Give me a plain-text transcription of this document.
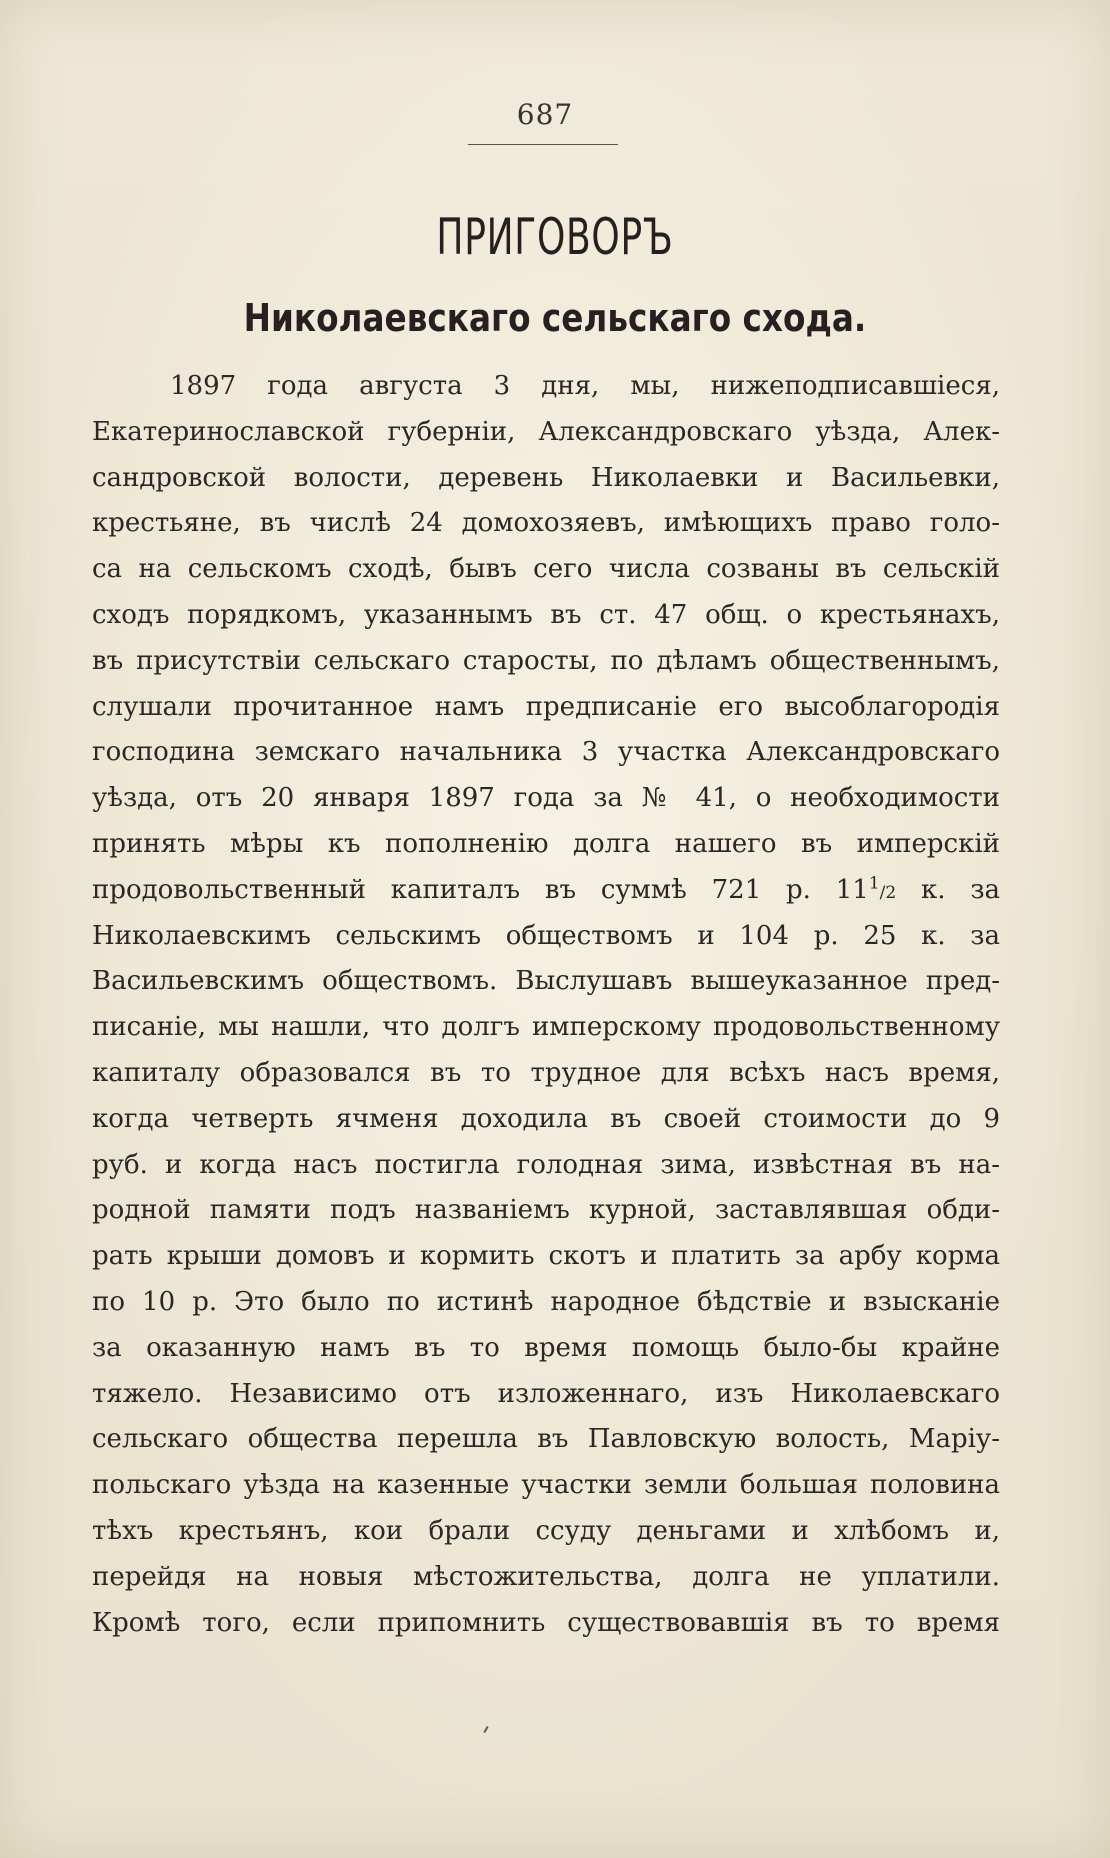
687
ПРИГОВОРЪ
Николаевскаго сельскаго схода.
1897 года августа 3 дня, мы, нижеподписавшіеся,
Екатеринославской губерніи, Александровскаго уѣзда, Алек-
сандровской волости, деревень Николаевки и Васильевки,
крестьяне, въ числѣ 24 домохозяевъ, имѣющихъ право голо-
са на сельскомъ сходѣ, бывъ сего числа созваны въ сельскій
сходъ порядкомъ, указаннымъ въ ст. 47 общ. о крестьянахъ,
въ присутствіи сельскаго старосты, по дѣламъ общественнымъ,
слушали прочитанное намъ предписаніе его высоблагородія
господина земскаго начальника 3 участка Александровскаго
уѣзда, отъ 20 января 1897 года за № 41, о необходимости
принять мѣры къ пополненію долга нашего въ имперскій
продовольственный капиталъ въ суммѣ 721 р. $11^1/2$ к. за
Николаевскимъ сельскимъ обществомъ и 104 р. 25 к. за
Васильевскимъ обществомъ. Выслушавъ вышеуказанное пред-
писаніе, мы нашли, что долгъ имперскому продовольственному
капиталу образовался въ то трудное для всѣхъ насъ время,
когда четверть ячменя доходила въ своей стоимости до 9
руб. и когда насъ постигла голодная зима, извѣстная въ на-
родной памяти подъ названіемъ курной, заставлявшая обди-
рать крыши домовъ и кормить скотъ и платить за арбу корма
по 10 р. Это было по истинѣ народное бѣдствіе и взысканіе
за оказанную намъ въ то время помощь было-бы крайне
тяжело. Независимо отъ изложеннаго, изъ Николаевскаго
сельскаго общества перешла въ Павловскую волость, Маріу-
польскаго уѣзда на казенные участки земли большая половина
тѣхъ крестьянъ, кои брали ссуду деньгами и хлѣбомъ и,
перейдя на новыя мѣстожительства, долга не уплатили.
Кромѣ того, если припомнить существовавшія въ то время
